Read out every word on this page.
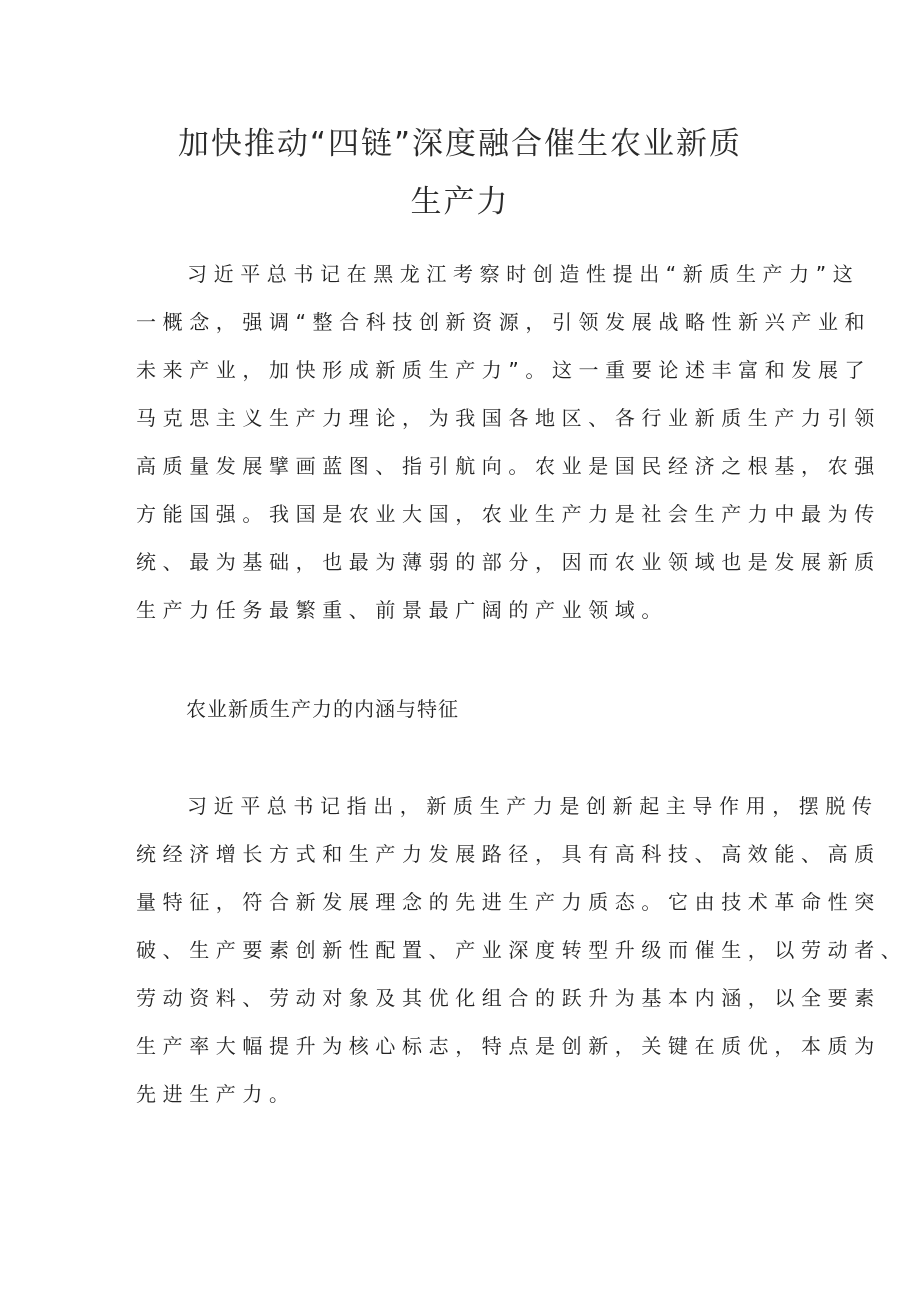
加快推动“四链”深度融合催生农业新质
生产力
习近平总书记在黑龙江考察时创造性提出“新质生产力”这
一概念，强调“整合科技创新资源，引领发展战略性新兴产业和
未来产业，加快形成新质生产力”。这一重要论述丰富和发展了
马克思主义生产力理论，为我国各地区、各行业新质生产力引领
高质量发展擘画蓝图、指引航向。农业是国民经济之根基，农强
方能国强。我国是农业大国，农业生产力是社会生产力中最为传
统、最为基础，也最为薄弱的部分，因而农业领域也是发展新质
生产力任务最繁重、前景最广阔的产业领域。
农业新质生产力的内涵与特征
习近平总书记指出，新质生产力是创新起主导作用，摆脱传
统经济增长方式和生产力发展路径，具有高科技、高效能、高质
量特征，符合新发展理念的先进生产力质态。它由技术革命性突
破、生产要素创新性配置、产业深度转型升级而催生，以劳动者、
劳动资料、劳动对象及其优化组合的跃升为基本内涵，以全要素
生产率大幅提升为核心标志，特点是创新，关键在质优，本质为
先进生产力。
